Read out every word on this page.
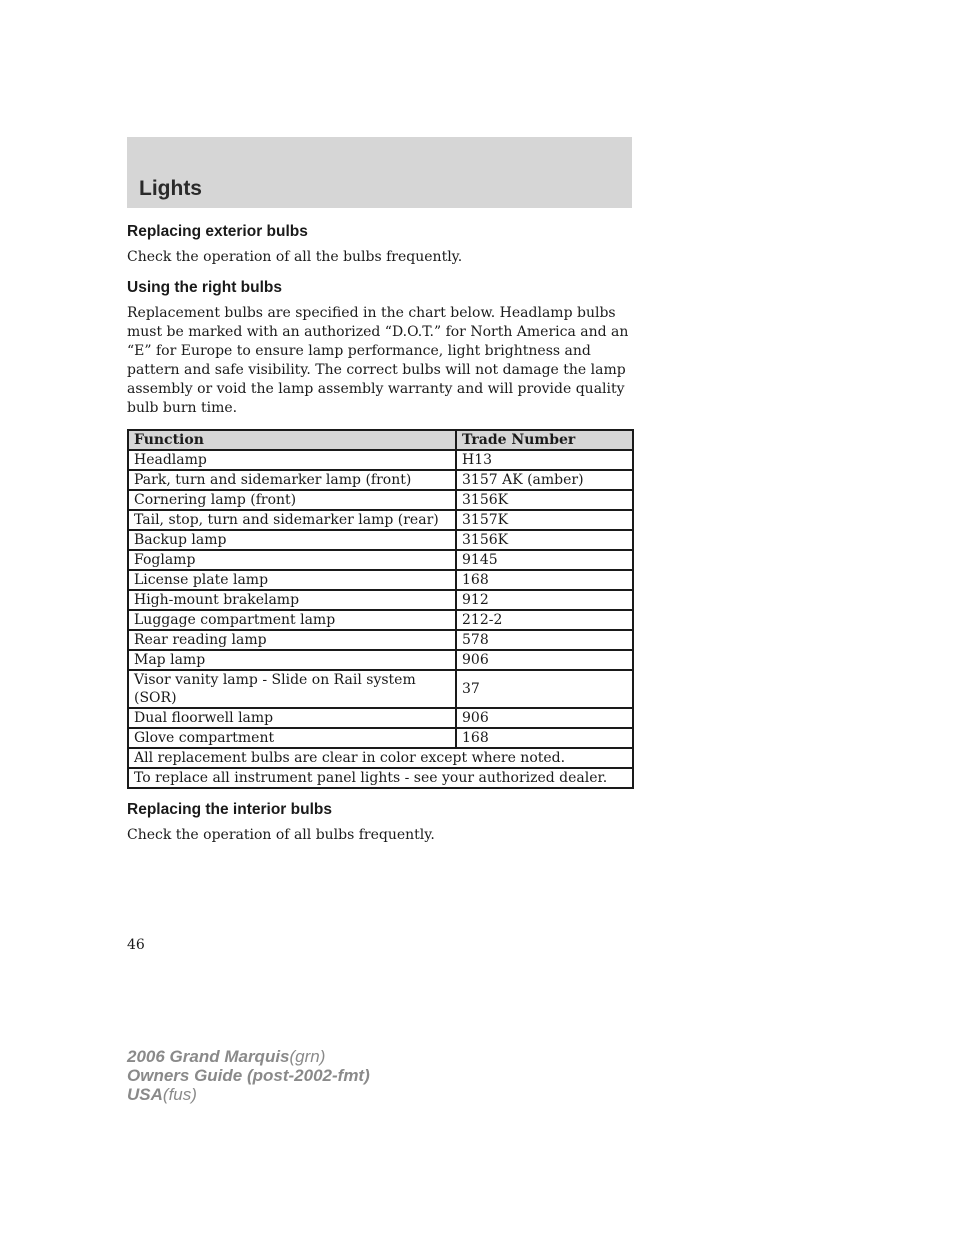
Lights
Replacing exterior bulbs

Check the operation of all the bulbs frequently.

Using the right bulbs

Replacement bulbs are specified in the chart below. Headlamp bulbs must be marked with an authorized “D.O.T.” for North America and an “E” for Europe to ensure lamp performance, light brightness and pattern and safe visibility. The correct bulbs will not damage the lamp assembly or void the lamp assembly warranty and will provide quality bulb burn time.

Function	Trade Number
Headlamp	H13
Park, turn and sidemarker lamp (front)	3157 AK (amber)
Cornering lamp (front)	3156K
Tail, stop, turn and sidemarker lamp (rear)	3157K
Backup lamp	3156K
Foglamp	9145
License plate lamp	168
High-mount brakelamp	912
Luggage compartment lamp	212-2
Rear reading lamp	578
Map lamp	906
Visor vanity lamp - Slide on Rail system (SOR)	37
Dual floorwell lamp	906
Glove compartment	168
All replacement bulbs are clear in color except where noted.	
To replace all instrument panel lights - see your authorized dealer.	
Replacing the interior bulbs

Check the operation of all bulbs frequently.

46
2006 Grand Marquis(grn)
Owners Guide (post-2002-fmt)
USA(fus)
